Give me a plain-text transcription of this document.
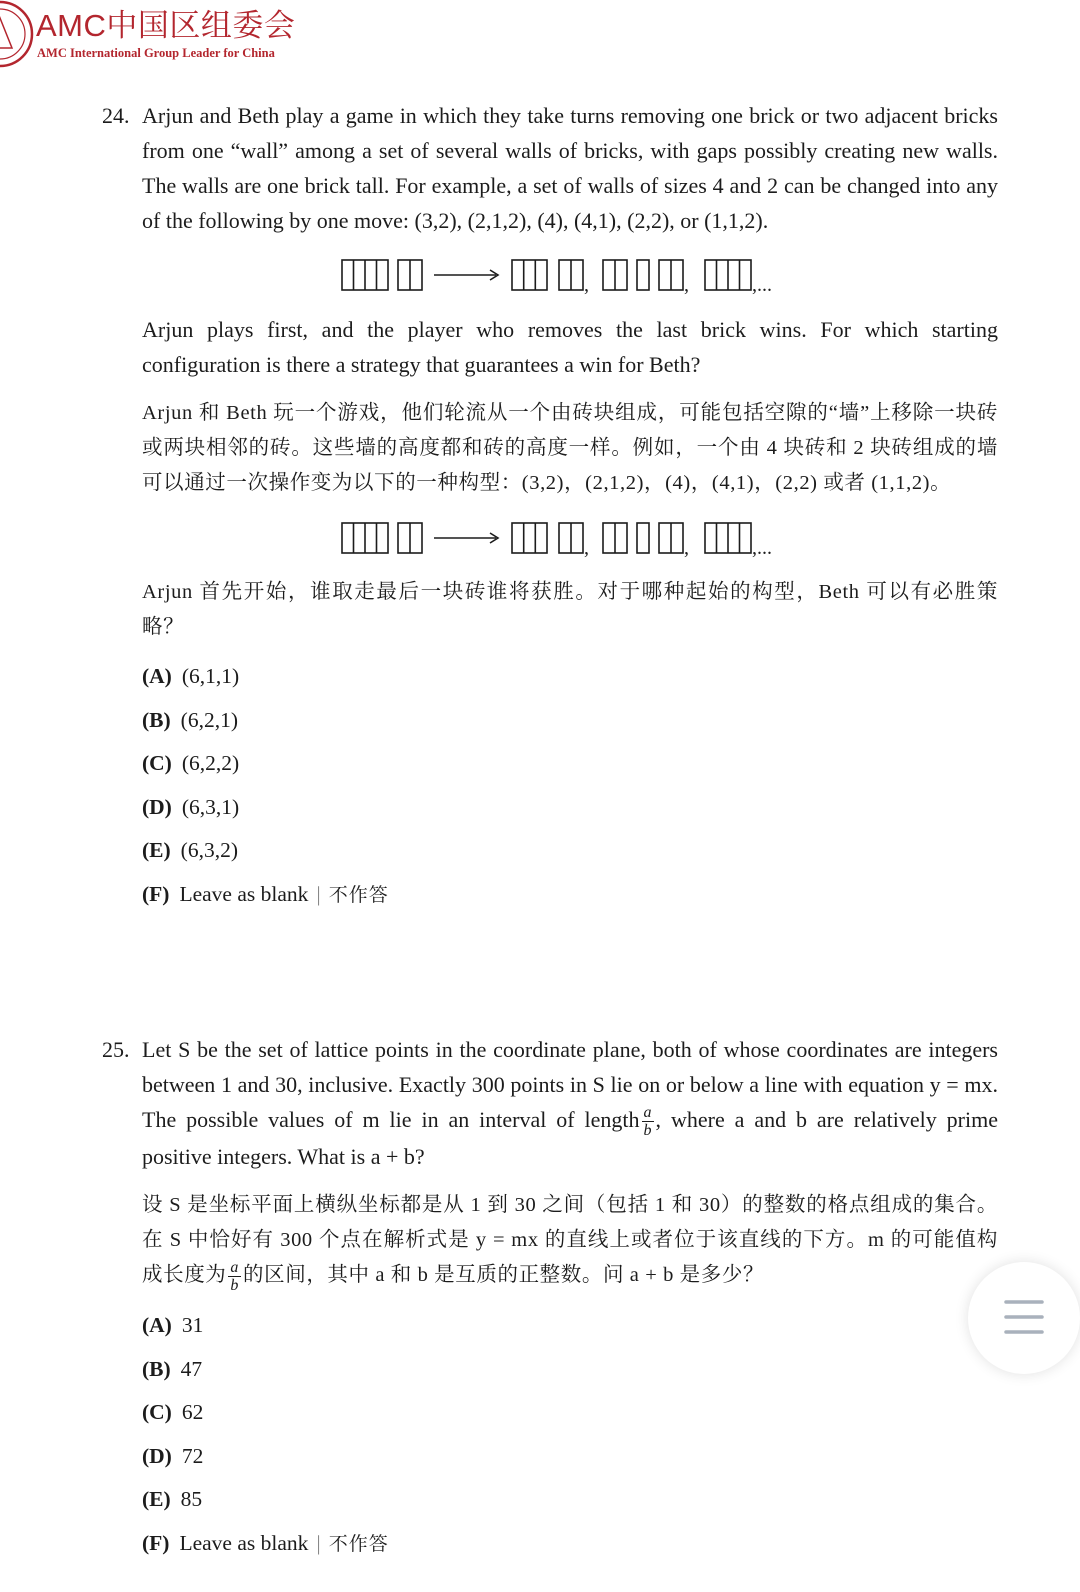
AMC中国区组委会
AMC International Group Leader for China
24. Arjun and Beth play a game in which they take turns removing one brick or two adjacent bricks from one “wall” among a set of several walls of bricks, with gaps possibly creating new walls. The walls are one brick tall. For example, a set of walls of sizes 4 and 2 can be changed into any of the following by one move: (3,2), (2,1,2), (4), (4,1), (2,2), or (1,1,2).

,	,	,...

Arjun plays first, and the player who removes the last brick wins. For which starting configuration is there a strategy that guarantees a win for Beth?

Arjun 和 Beth 玩一个游戏，他们轮流从一个由砖块组成，可能包括空隙的“墙”上移除一块砖或两块相邻的砖。这些墙的高度都和砖的高度一样。例如，一个由 4 块砖和 2 块砖组成的墙可以通过一次操作变为以下的一种构型：(3,2)，(2,1,2)，(4)，(4,1)，(2,2) 或者 (1,1,2)。

,	,	,...

Arjun 首先开始，谁取走最后一块砖谁将获胜。对于哪种起始的构型，Beth 可以有必胜策略？

(A) (6,1,1)
(B) (6,2,1)
(C) (6,2,2)
(D) (6,3,1)
(E) (6,3,2)
(F) Leave as blank | 不作答
25. Let S be the set of lattice points in the coordinate plane, both of whose coordinates are integers between 1 and 30, inclusive. Exactly 300 points in S lie on or below a line with equation y = mx. The possible values of m lie in an interval of length $\frac{a}{b}$ , where a and b are relatively prime positive integers. What is a + b?

设 S 是坐标平面上横纵坐标都是从 1 到 30 之间（包括 1 和 30）的整数的格点组成的集合。在 S 中恰好有 300 个点在解析式是 y = mx 的直线上或者位于该直线的下方。m 的可能值构成长度为 $\frac{a}{b}$ 的区间，其中 a 和 b 是互质的正整数。问 a + b 是多少？

(A) 31
(B) 47
(C) 62
(D) 72
(E) 85
(F) Leave as blank | 不作答
